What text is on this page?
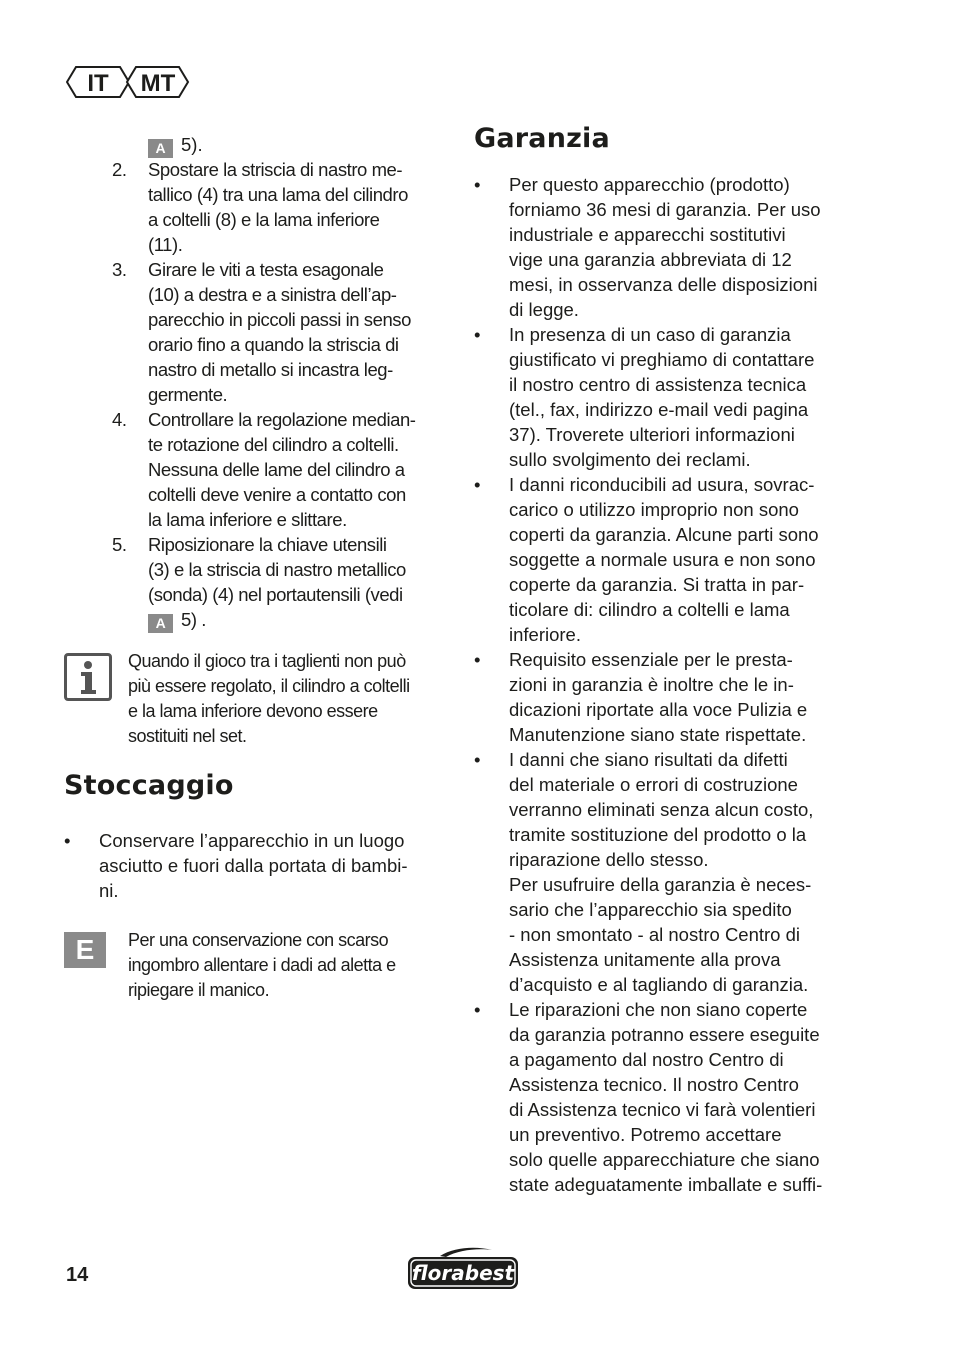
IT MT
A 5).
2.	Spostare la striscia di nastro me-
tallico (4) tra una lama del cilindro
a coltelli (8) e la lama inferiore
(11).
3.	Girare le viti a testa esagonale
(10) a destra e a sinistra dell’ap-
parecchio in piccoli passi in senso
orario fino a quando la striscia di
nastro di metallo si incastra leg-
germente.
4.	Controllare la regolazione median-
te rotazione del cilindro a coltelli.
Nessuna delle lame del cilindro a
coltelli deve venire a contatto con
la lama inferiore e slittare.
5.	Riposizionare la chiave utensili
(3) e la striscia di nastro metallico
(sonda) (4) nel portautensili (vedi
A 5) .
Quando il gioco tra i taglienti non può
più essere regolato, il cilindro a coltelli
e la lama inferiore devono essere
sostituiti nel set.
Stoccaggio
•	Conservare l’apparecchio in un luogo
asciutto e fuori dalla portata di bambi-
ni.
E	Per una conservazione con scarso
ingombro allentare i dadi ad aletta e
ripiegare il manico.
Garanzia
•	Per questo apparecchio (prodotto)
forniamo 36 mesi di garanzia. Per uso
industriale e apparecchi sostitutivi
vige una garanzia abbreviata di 12
mesi, in osservanza delle disposizioni
di legge.
•	In presenza di un caso di garanzia
giustificato vi preghiamo di contattare
il nostro centro di assistenza tecnica
(tel., fax, indirizzo e-mail vedi pagina
37). Troverete ulteriori informazioni
sullo svolgimento dei reclami.
•	I danni riconducibili ad usura, sovrac-
carico o utilizzo improprio non sono
coperti da garanzia. Alcune parti sono
soggette a normale usura e non sono
coperte da garanzia. Si tratta in par-
ticolare di: cilindro a coltelli e lama
inferiore.
•	Requisito essenziale per le presta-
zioni in garanzia è inoltre che le in-
dicazioni riportate alla voce Pulizia e
Manutenzione siano state rispettate.
•	I danni che siano risultati da difetti
del materiale o errori di costruzione
verranno eliminati senza alcun costo,
tramite sostituzione del prodotto o la
riparazione dello stesso.
Per usufruire della garanzia è neces-
sario che l’apparecchio sia spedito
- non smontato - al nostro Centro di
Assistenza unitamente alla prova
d’acquisto e al tagliando di garanzia.
•	Le riparazioni che non siano coperte
da garanzia potranno essere eseguite
a pagamento dal nostro Centro di
Assistenza tecnico. Il nostro Centro
di Assistenza tecnico vi farà volentieri
un preventivo. Potremo accettare
solo quelle apparecchiature che siano
state adeguatamente imballate e suffi-
14	florabest
